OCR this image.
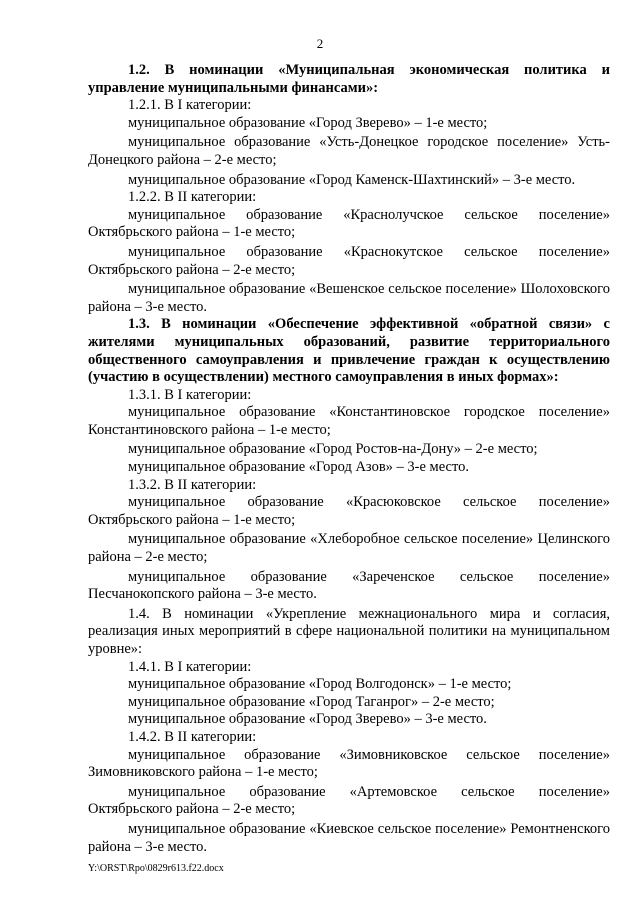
2

1.2. В номинации «Муниципальная экономическая политика и управление муниципальными финансами»:

1.2.1. В I категории:

муниципальное образование «Город Зверево» – 1-е место;

муниципальное образование «Усть-Донецкое городское поселение» Усть-Донецкого района – 2-е место;

муниципальное образование «Город Каменск-Шахтинский» – 3-е место.

1.2.2. В II категории:

муниципальное образование «Краснолучское сельское поселение» Октябрьского района – 1-е место;

муниципальное образование «Краснокутское сельское поселение» Октябрьского района – 2-е место;

муниципальное образование «Вешенское сельское поселение» Шолоховского района – 3-е место.

1.3. В номинации «Обеспечение эффективной «обратной связи» с жителями муниципальных образований, развитие территориального общественного самоуправления и привлечение граждан к осуществлению (участию в осуществлении) местного самоуправления в иных формах»:

1.3.1. В I категории:

муниципальное образование «Константиновское городское поселение» Константиновского района – 1-е место;

муниципальное образование «Город Ростов-на-Дону» – 2-е место;

муниципальное образование «Город Азов» – 3-е место.

1.3.2. В II категории:

муниципальное образование «Красюковское сельское поселение» Октябрьского района – 1-е место;

муниципальное образование «Хлеборобное сельское поселение» Целинского района – 2-е место;

муниципальное образование «Зареченское сельское поселение» Песчанокопского района – 3-е место.

1.4. В номинации «Укрепление межнационального мира и согласия, реализация иных мероприятий в сфере национальной политики на муниципальном уровне»:

1.4.1. В I категории:

муниципальное образование «Город Волгодонск» – 1-е место;

муниципальное образование «Город Таганрог» – 2-е место;

муниципальное образование «Город Зверево» – 3-е место.

1.4.2. В II категории:

муниципальное образование «Зимовниковское сельское поселение» Зимовниковского района – 1-е место;

муниципальное образование «Артемовское сельское поселение» Октябрьского района – 2-е место;

муниципальное образование «Киевское сельское поселение» Ремонтненского района – 3-е место.

Y:\ORST\Rpo\0829r613.f22.docx
